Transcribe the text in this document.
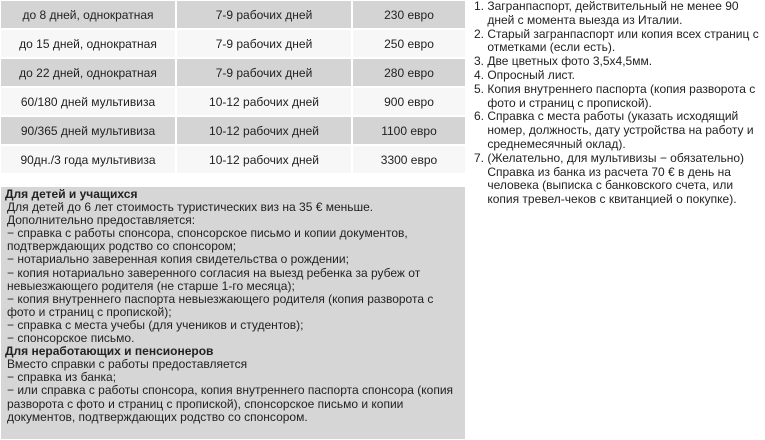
до 8 дней, однократная	7-9 рабочих дней	230 евро
до 15 дней, однократная	7-9 рабочих дней	250 евро
до 22 дней, однократная	7-9 рабочих дней	280 евро
60/180 дней мультивиза	10-12 рабочих дней	900 евро
90/365 дней мультивиза	10-12 рабочих дней	1100 евро
90дн./3 года мультивиза	10-12 рабочих дней	3300 евро
Для детей и учащихся
Для детей до 6 лет стоимость туристических виз на 35 € меньше.
Дополнительно предоставляется:
− справка с работы спонсора, спонсорское письмо и копии документов,
подтверждающих родство со спонсором;
− нотариально заверенная копия свидетельства о рождении;
− копия нотариально заверенного согласия на выезд ребенка за рубеж от
невыезжающего родителя (не старше 1-го месяца);
− копия внутреннего паспорта невыезжающего родителя (копия разворота с
фото и страниц с пропиской);
− справка с места учебы (для учеников и студентов);
− спонсорское письмо.
Для неработающих и пенсионеров
Вместо справки с работы предоставляется
− справка из банка;
− или справка с работы спонсора, копия внутреннего паспорта спонсора (копия
разворота с фото и страниц с пропиской), спонсорское письмо и копии
документов, подтверждающих родство со спонсором.
1. Загранпаспорт, действительный не менее 90
дней с момента выезда из Италии.
2. Старый загранпаспорт или копия всех страниц с
отметками (если есть).
3. Две цветных фото 3,5х4,5мм.
4. Опросный лист.
5. Копия внутреннего паспорта (копия разворота с
фото и страниц с пропиской).
6. Справка с места работы (указать исходящий
номер, должность, дату устройства на работу и
среднемесячный оклад).
7. (Желательно, для мультивизы − обязательно)
Справка из банка из расчета 70 € в день на
человека (выписка с банковского счета, или
копия тревел-чеков с квитанцией о покупке).
